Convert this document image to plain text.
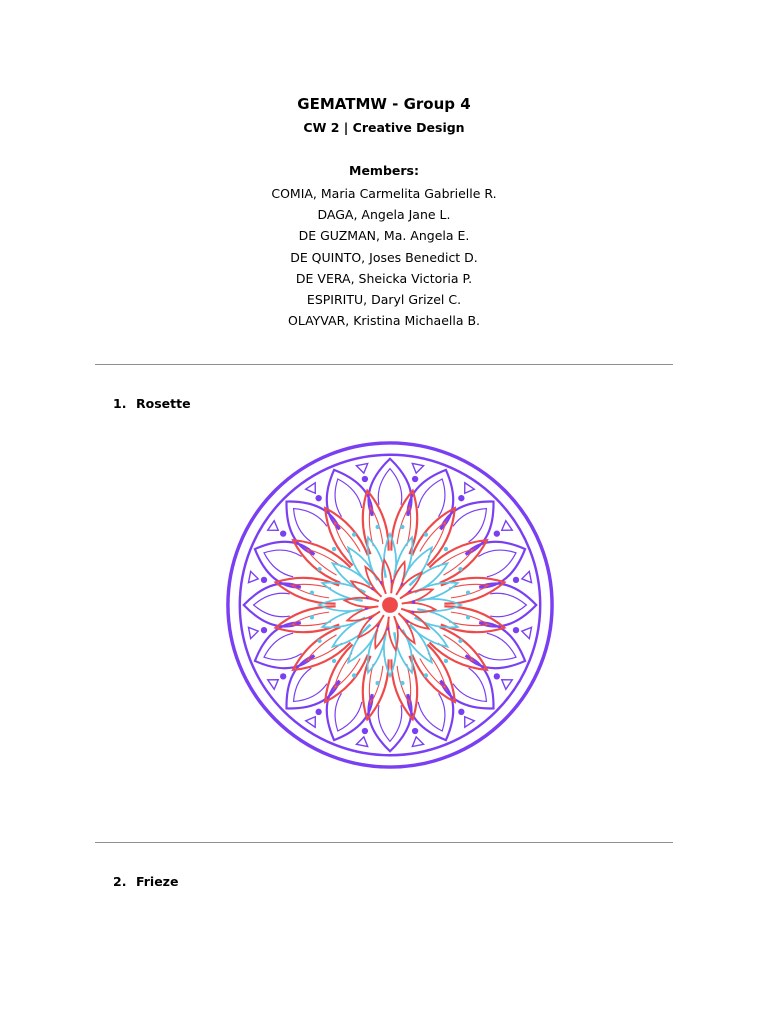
GEMATMW - Group 4
CW 2 | Creative Design
Members:
COMIA, Maria Carmelita Gabrielle R.
DAGA, Angela Jane L.
DE GUZMAN, Ma. Angela E.
DE QUINTO, Joses Benedict D.
DE VERA, Sheicka Victoria P.
ESPIRITU, Daryl Grizel C.
OLAYVAR, Kristina Michaella B.
1. Rosette
2. Frieze
